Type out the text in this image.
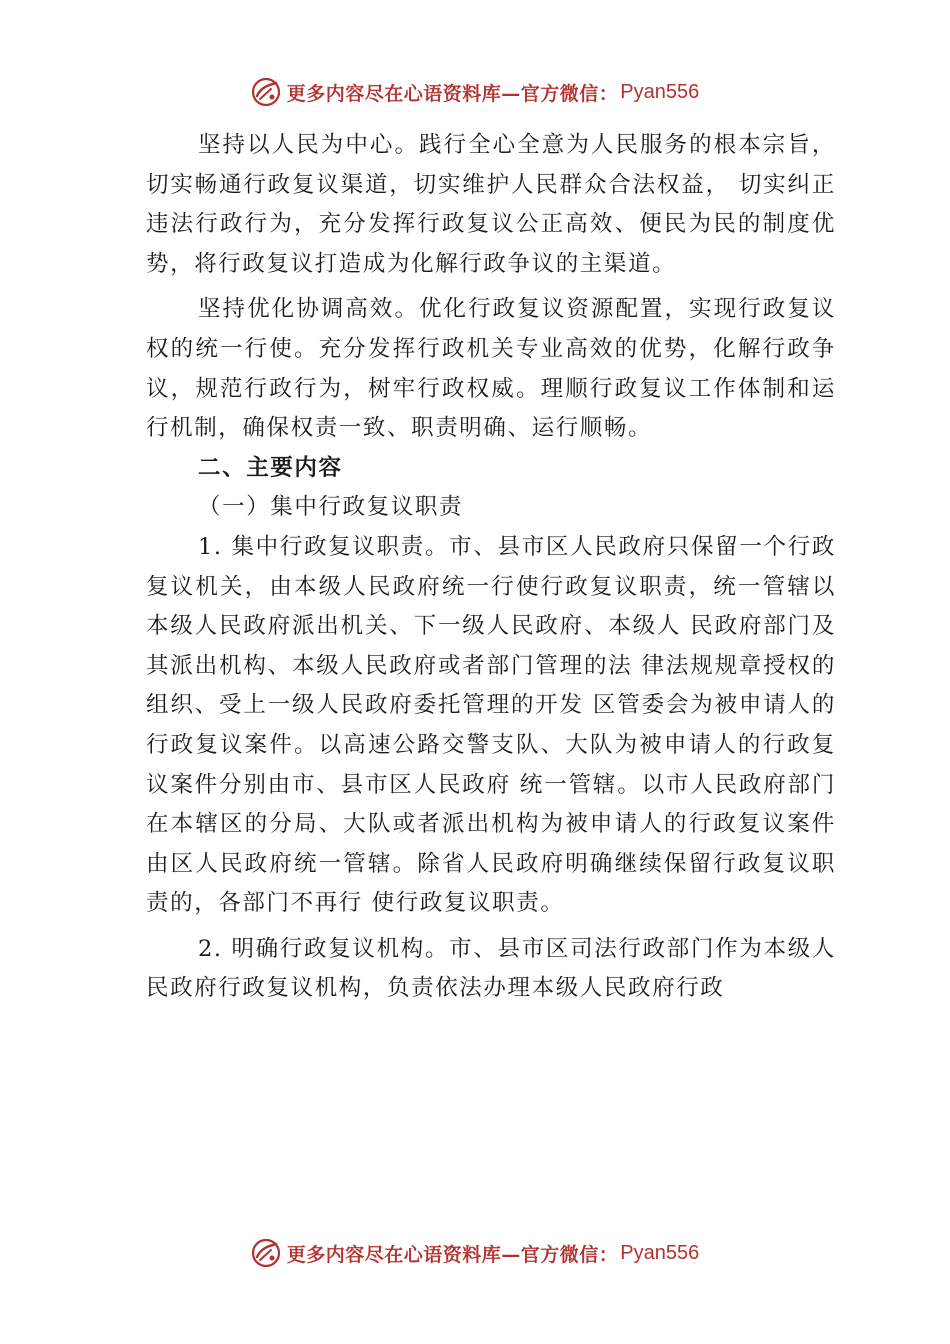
更多内容尽在心语资料库—官方微信： Pyan556

坚持以人民为中心。践行全心全意为人民服务的根本宗旨，切实畅通行政复议渠道，切实维护人民群众合法权益， 切实纠正违法行政行为，充分发挥行政复议公正高效、便民为民的制度优势，将行政复议打造成为化解行政争议的主渠道。

坚持优化协调高效。优化行政复议资源配置，实现行政复议权的统一行使。充分发挥行政机关专业高效的优势，化解行政争议，规范行政行为，树牢行政权威。理顺行政复议工作体制和运行机制，确保权责一致、职责明确、运行顺畅。

二、主要内容

（一）集中行政复议职责

1. 集中行政复议职责。市、县市区人民政府只保留一个行政复议机关，由本级人民政府统一行使行政复议职责，统一管辖以本级人民政府派出机关、下一级人民政府、本级人 民政府部门及其派出机构、本级人民政府或者部门管理的法 律法规规章授权的组织、受上一级人民政府委托管理的开发 区管委会为被申请人的行政复议案件。以高速公路交警支队、大队为被申请人的行政复议案件分别由市、县市区人民政府 统一管辖。以市人民政府部门在本辖区的分局、大队或者派出机构为被申请人的行政复议案件由区人民政府统一管辖。除省人民政府明确继续保留行政复议职责的，各部门不再行 使行政复议职责。

2. 明确行政复议机构。市、县市区司法行政部门作为本级人民政府行政复议机构，负责依法办理本级人民政府行政

更多内容尽在心语资料库—官方微信： Pyan556
